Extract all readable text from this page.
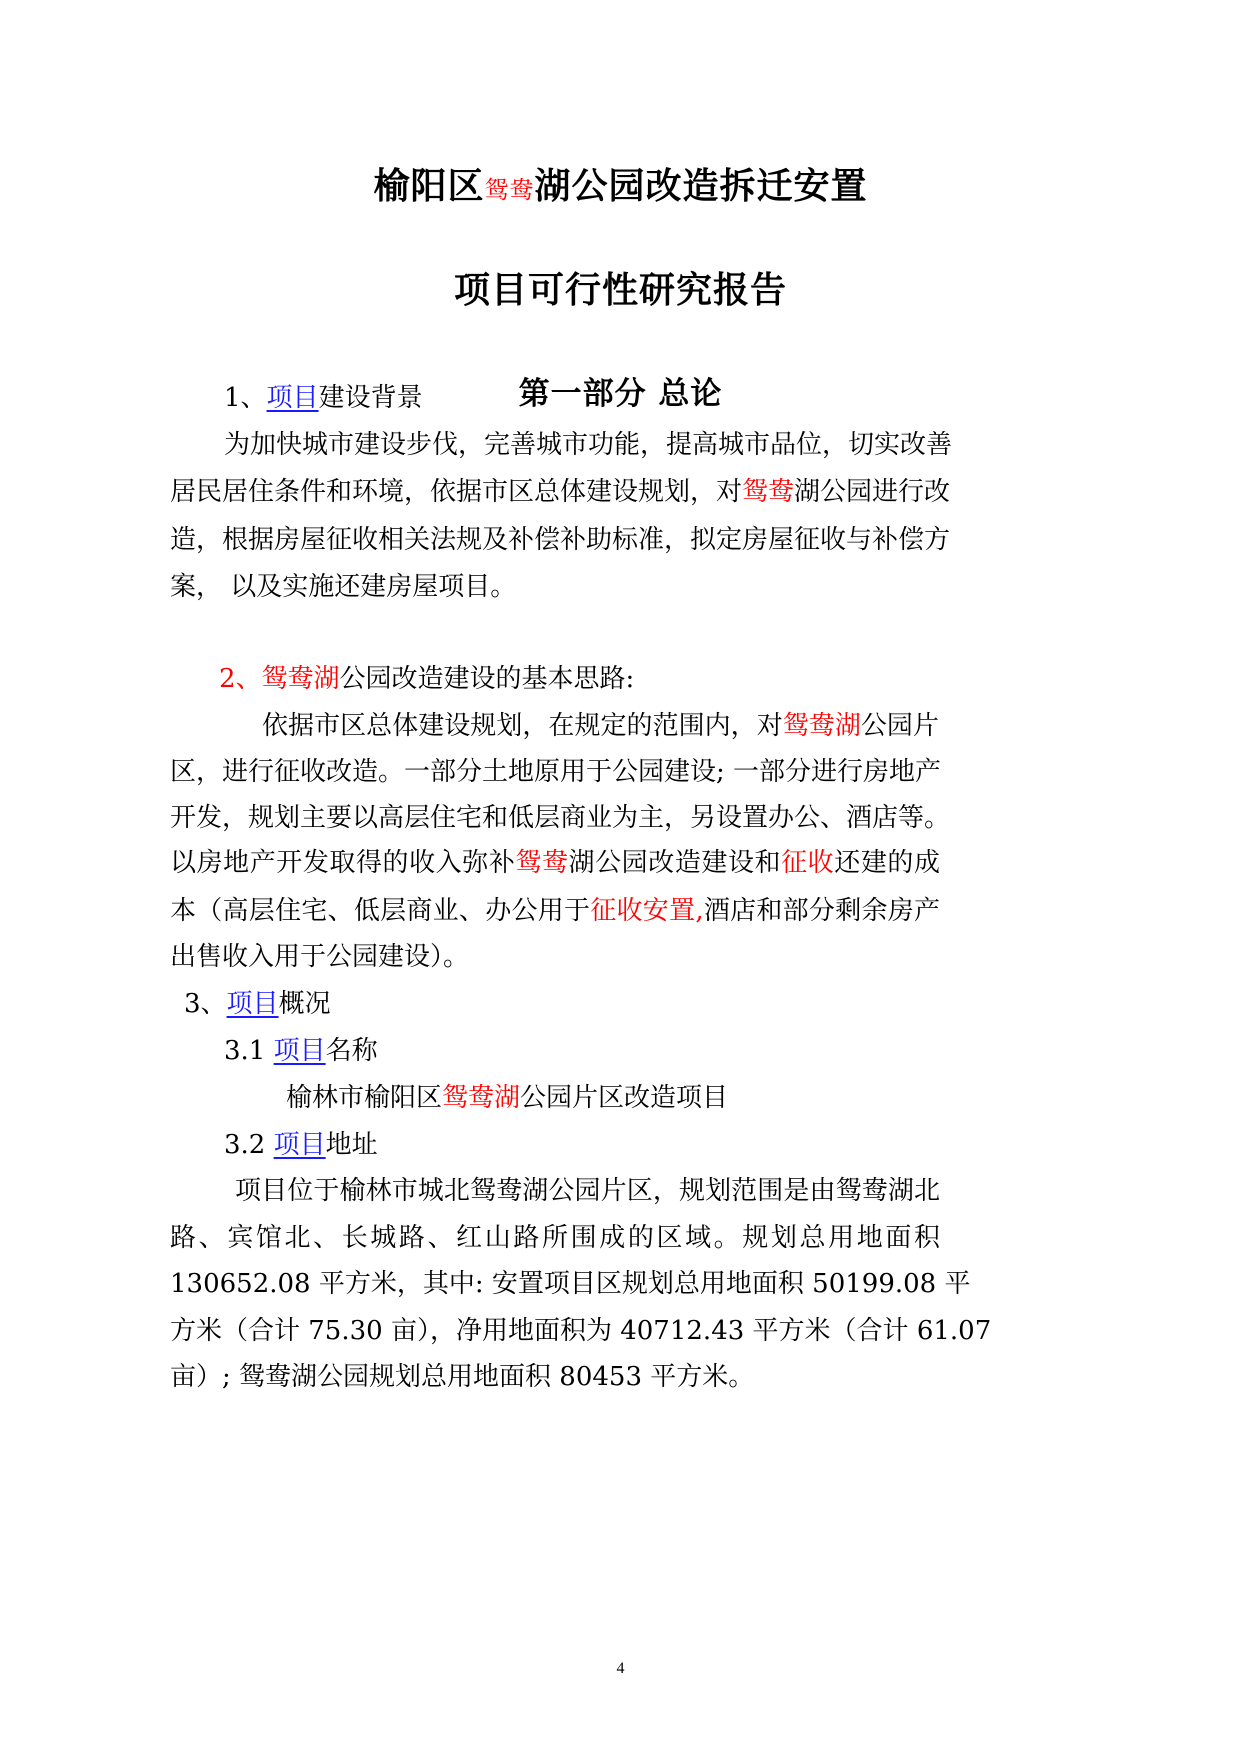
榆阳区鸳鸯湖公园改造拆迁安置
项目可行性研究报告
第一部分 总论
1、项目建设背景
为加快城市建设步伐，完善城市功能，提高城市品位，切实改善
居民居住条件和环境，依据市区总体建设规划，对鸳鸯湖公园进行改
造，根据房屋征收相关法规及补偿补助标准，拟定房屋征收与补偿方
案， 以及实施还建房屋项目。
2、鸳鸯湖公园改造建设的基本思路:
依据市区总体建设规划，在规定的范围内，对鸳鸯湖公园片
区，进行征收改造。一部分土地原用于公园建设; 一部分进行房地产
开发，规划主要以高层住宅和低层商业为主，另设置办公、酒店等。
以房地产开发取得的收入弥补鸳鸯湖公园改造建设和征收还建的成
本（高层住宅、低层商业、办公用于征收安置,酒店和部分剩余房产
出售收入用于公园建设）。
3、项目概况
3.1 项目名称
榆林市榆阳区鸳鸯湖公园片区改造项目
3.2 项目地址
项目位于榆林市城北鸳鸯湖公园片区，规划范围是由鸳鸯湖北
路、宾馆北、长城路、红山路所围成的区域。规划总用地面积
130652.08 平方米，其中: 安置项目区规划总用地面积 50199.08 平
方米（合计 75.30 亩），净用地面积为 40712.43 平方米（合计 61.07
亩）; 鸳鸯湖公园规划总用地面积 80453 平方米。
4
